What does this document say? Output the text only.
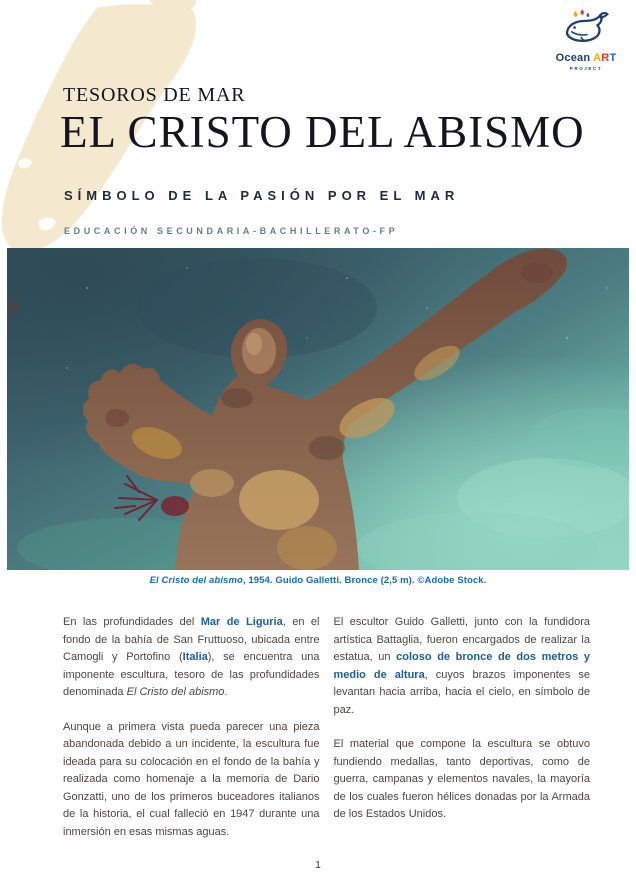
Ocean ART
PROJECT
TESOROS DE MAR
EL CRISTO DEL ABISMO
SÍMBOLO DE LA PASIÓN POR EL MAR
EDUCACIÓN SECUNDARIA-BACHILLERATO-FP
El Cristo del abismo, 1954. Guido Galletti. Bronce (2,5 m). ©Adobe Stock.

En las profundidades del Mar de Liguria, en el fondo de la bahía de San Fruttuoso, ubicada entre Camogli y Portofino (Italia), se encuentra una imponente escultura, tesoro de las profundidades denominada El Cristo del abismo.

Aunque a primera vista pueda parecer una pieza abandonada debido a un incidente, la escultura fue ideada para su colocación en el fondo de la bahía y realizada como homenaje a la memoria de Dario Gonzatti, uno de los primeros buceadores italianos de la historia, el cual falleció en 1947 durante una inmersión en esas mismas aguas.

El escultor Guido Galletti, junto con la fundidora artística Battaglia, fueron encargados de realizar la estatua, un coloso de bronce de dos metros y medio de altura, cuyos brazos imponentes se levantan hacia arriba, hacia el cielo, en símbolo de paz.

El material que compone la escultura se obtuvo fundiendo medallas, tanto deportivas, como de guerra, campanas y elementos navales, la mayoría de los cuales fueron hélices donadas por la Armada de los Estados Unidos.

1
